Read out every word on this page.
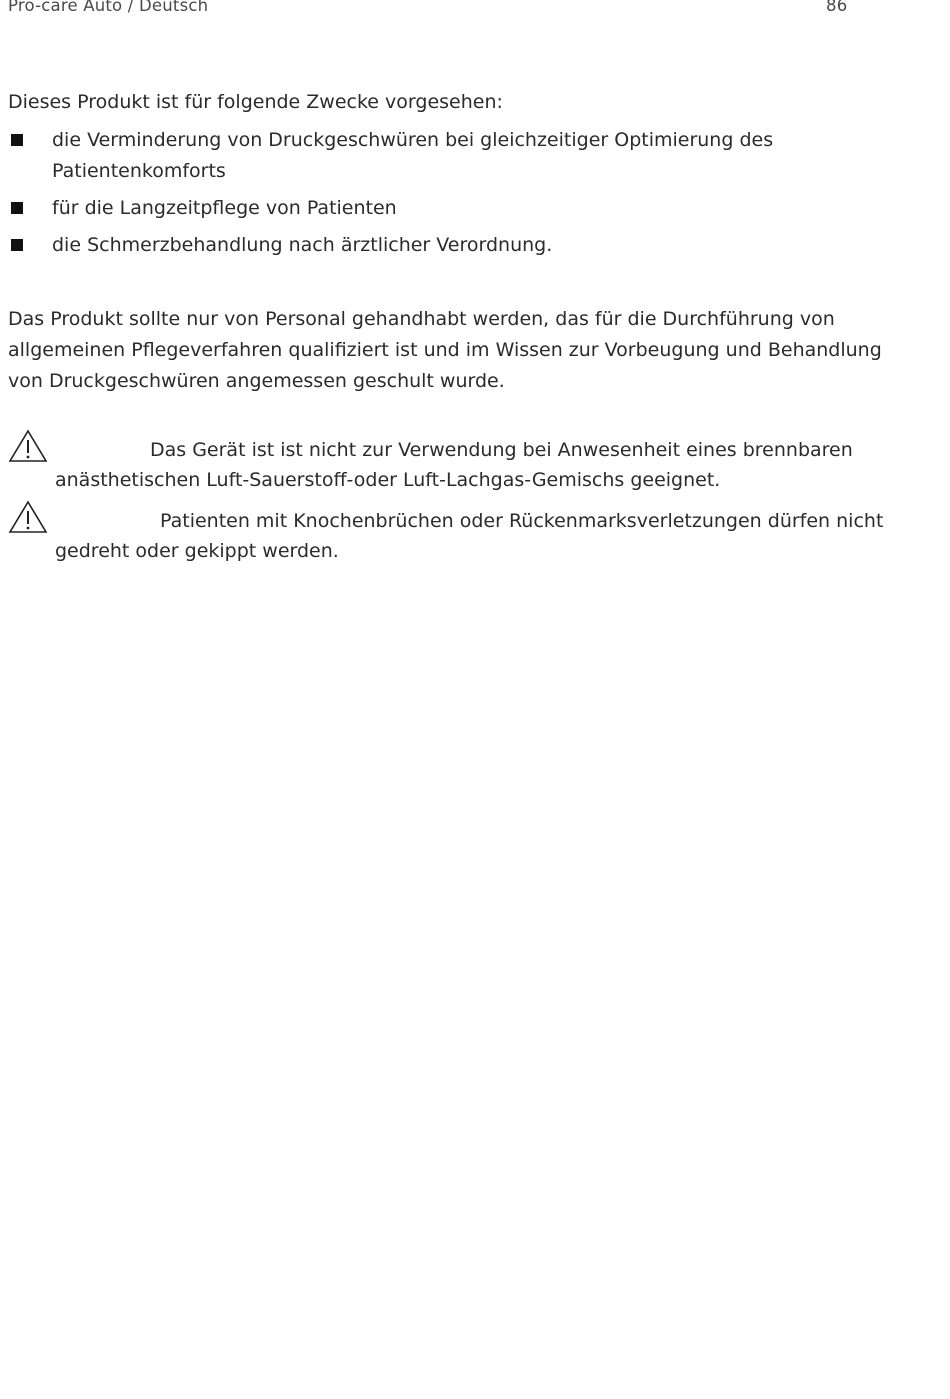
Pro-care Auto / Deutsch	86
Dieses Produkt ist für folgende Zwecke vorgesehen:
die Verminderung von Druckgeschwüren bei gleichzeitiger Optimierung des
Patientenkomforts
für die Langzeitpflege von Patienten
die Schmerzbehandlung nach ärztlicher Verordnung.

Das Produkt sollte nur von Personal gehandhabt werden, das für die Durchführung von
allgemeinen Pflegeverfahren qualifiziert ist und im Wissen zur Vorbeugung und Behandlung
von Druckgeschwüren angemessen geschult wurde.

Das Gerät ist ist nicht zur Verwendung bei Anwesenheit eines brennbaren
anästhetischen Luft-Sauerstoff-oder Luft-Lachgas-Gemischs geeignet.
Patienten mit Knochenbrüchen oder Rückenmarksverletzungen dürfen nicht
gedreht oder gekippt werden.
